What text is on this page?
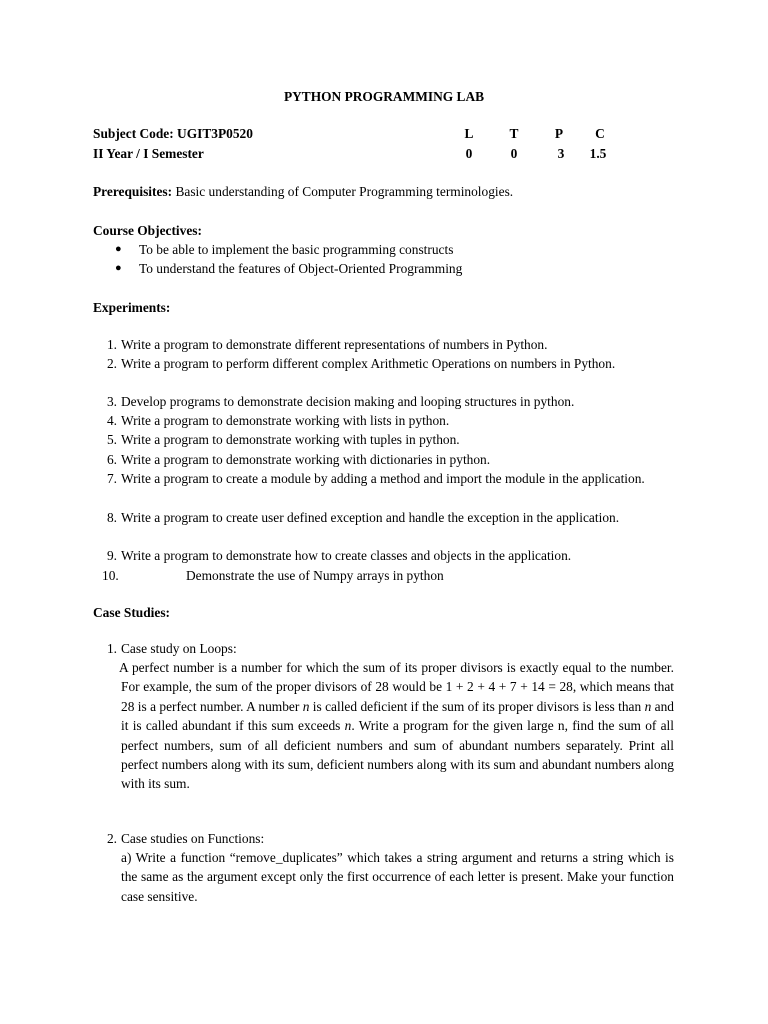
PYTHON PROGRAMMING LAB
Subject Code: UGIT3P0520
II Year / I Semester
L	T	P	C
0	0	3	1.5
Prerequisites: Basic understanding of Computer Programming terminologies.
Course Objectives:
● To be able to implement the basic programming constructs
● To understand the features of Object-Oriented Programming
Experiments:
1. Write a program to demonstrate different representations of numbers in Python.
2. Write a program to perform different complex Arithmetic Operations on numbers in Python.
3. Develop programs to demonstrate decision making and looping structures in python.
4. Write a program to demonstrate working with lists in python.
5. Write a program to demonstrate working with tuples in python.
6. Write a program to demonstrate working with dictionaries in python.
7. Write a program to create a module by adding a method and import the module in the application.
8. Write a program to create user defined exception and handle the exception in the application.
9. Write a program to demonstrate how to create classes and objects in the application.
10.	Demonstrate the use of Numpy arrays in python
Case Studies:
1. Case study on Loops:
A perfect number is a number for which the sum of its proper divisors is exactly equal to the number. For example, the sum of the proper divisors of 28 would be 1 + 2 + 4 + 7 + 14 = 28, which means that 28 is a perfect number. A number n is called deficient if the sum of its proper divisors is less than n and it is called abundant if this sum exceeds n. Write a program for the given large n, find the sum of all perfect numbers, sum of all deficient numbers and sum of abundant numbers separately. Print all perfect numbers along with its sum, deficient numbers along with its sum and abundant numbers along with its sum.
2. Case studies on Functions:
a) Write a function “remove_duplicates” which takes a string argument and returns a string which is the same as the argument except only the first occurrence of each letter is present. Make your function case sensitive.
